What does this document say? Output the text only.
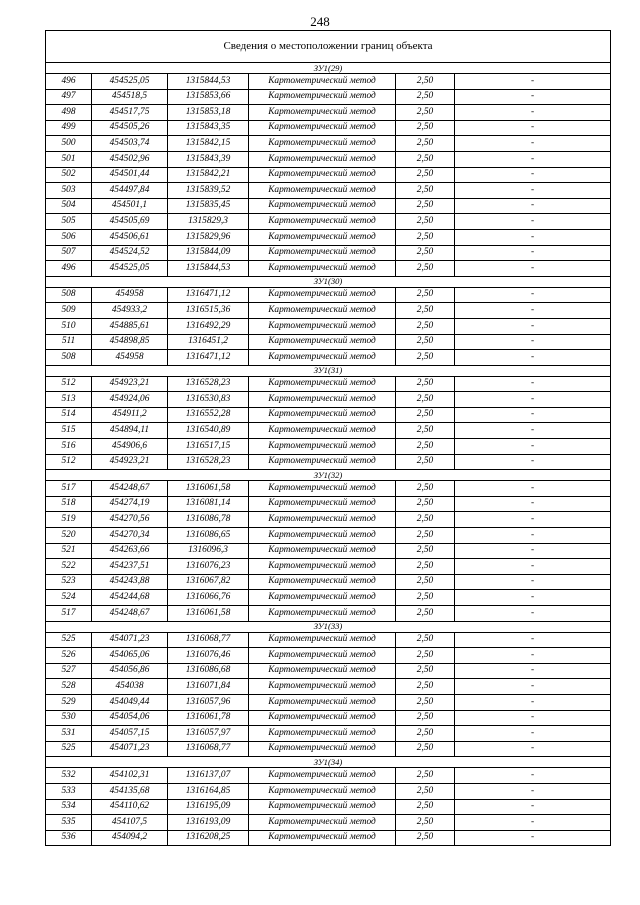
248
Сведения о местоположении границ объекта					
ЗУ1(29)					
496	454525,05	1315844,53	Картометрический метод	2,50	-
497	454518,5	1315853,66	Картометрический метод	2,50	-
498	454517,75	1315853,18	Картометрический метод	2,50	-
499	454505,26	1315843,35	Картометрический метод	2,50	-
500	454503,74	1315842,15	Картометрический метод	2,50	-
501	454502,96	1315843,39	Картометрический метод	2,50	-
502	454501,44	1315842,21	Картометрический метод	2,50	-
503	454497,84	1315839,52	Картометрический метод	2,50	-
504	454501,1	1315835,45	Картометрический метод	2,50	-
505	454505,69	1315829,3	Картометрический метод	2,50	-
506	454506,61	1315829,96	Картометрический метод	2,50	-
507	454524,52	1315844,09	Картометрический метод	2,50	-
496	454525,05	1315844,53	Картометрический метод	2,50	-
ЗУ1(30)					
508	454958	1316471,12	Картометрический метод	2,50	-
509	454933,2	1316515,36	Картометрический метод	2,50	-
510	454885,61	1316492,29	Картометрический метод	2,50	-
511	454898,85	1316451,2	Картометрический метод	2,50	-
508	454958	1316471,12	Картометрический метод	2,50	-
ЗУ1(31)					
512	454923,21	1316528,23	Картометрический метод	2,50	-
513	454924,06	1316530,83	Картометрический метод	2,50	-
514	454911,2	1316552,28	Картометрический метод	2,50	-
515	454894,11	1316540,89	Картометрический метод	2,50	-
516	454906,6	1316517,15	Картометрический метод	2,50	-
512	454923,21	1316528,23	Картометрический метод	2,50	-
ЗУ1(32)					
517	454248,67	1316061,58	Картометрический метод	2,50	-
518	454274,19	1316081,14	Картометрический метод	2,50	-
519	454270,56	1316086,78	Картометрический метод	2,50	-
520	454270,34	1316086,65	Картометрический метод	2,50	-
521	454263,66	1316096,3	Картометрический метод	2,50	-
522	454237,51	1316076,23	Картометрический метод	2,50	-
523	454243,88	1316067,82	Картометрический метод	2,50	-
524	454244,68	1316066,76	Картометрический метод	2,50	-
517	454248,67	1316061,58	Картометрический метод	2,50	-
ЗУ1(33)					
525	454071,23	1316068,77	Картометрический метод	2,50	-
526	454065,06	1316076,46	Картометрический метод	2,50	-
527	454056,86	1316086,68	Картометрический метод	2,50	-
528	454038	1316071,84	Картометрический метод	2,50	-
529	454049,44	1316057,96	Картометрический метод	2,50	-
530	454054,06	1316061,78	Картометрический метод	2,50	-
531	454057,15	1316057,97	Картометрический метод	2,50	-
525	454071,23	1316068,77	Картометрический метод	2,50	-
ЗУ1(34)					
532	454102,31	1316137,07	Картометрический метод	2,50	-
533	454135,68	1316164,85	Картометрический метод	2,50	-
534	454110,62	1316195,09	Картометрический метод	2,50	-
535	454107,5	1316193,09	Картометрический метод	2,50	-
536	454094,2	1316208,25	Картометрический метод	2,50	-
